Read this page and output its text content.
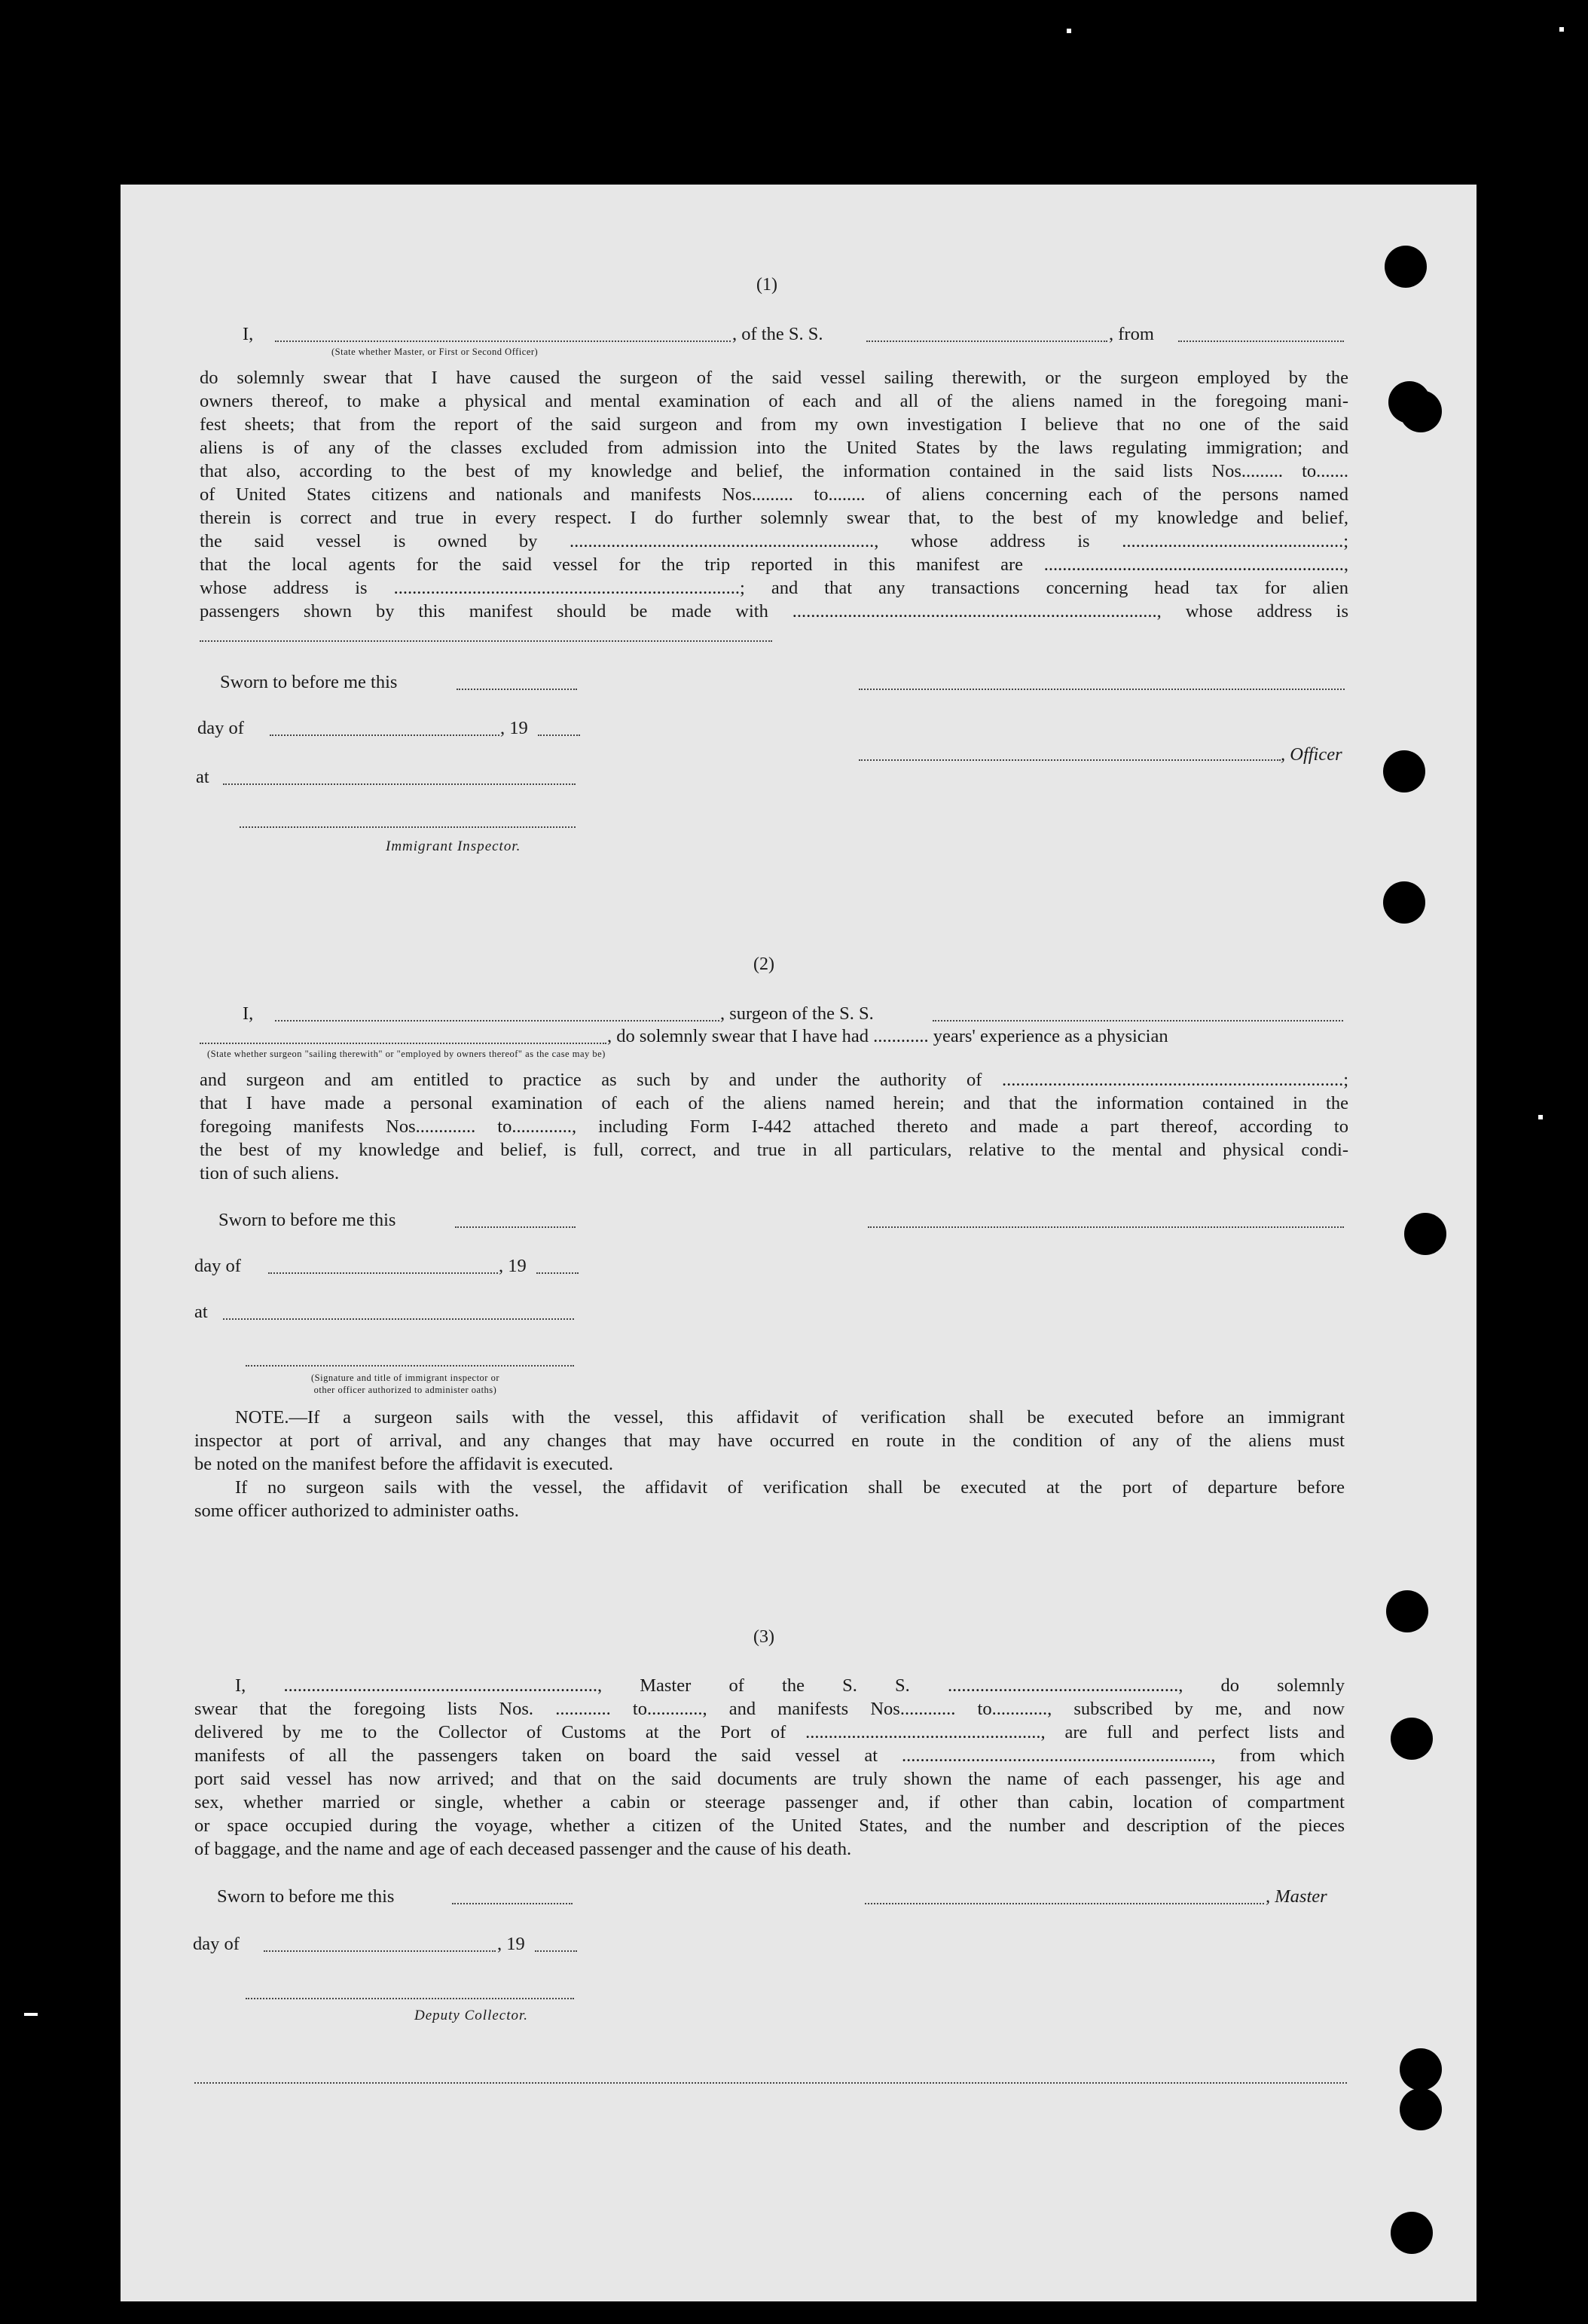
(1)
I,	, of the S. S.	, from
(State whether Master, or First or Second Officer)
do solemnly swear that I have caused the surgeon of the said vessel sailing therewith, or the surgeon employed by the
owners thereof, to make a physical and mental examination of each and all of the aliens named in the foregoing mani-
fest sheets; that from the report of the said surgeon and from my own investigation I believe that no one of the said
aliens is of any of the classes excluded from admission into the United States by the laws regulating immigration; and
that also, according to the best of my knowledge and belief, the information contained in the said lists Nos......... to.......
of United States citizens and nationals and manifests Nos......... to........ of aliens concerning each of the persons named
therein is correct and true in every respect. I do further solemnly swear that, to the best of my knowledge and belief,
the said vessel is owned by .................................................................., whose address is ................................................;
that the local agents for the said vessel for the trip reported in this manifest are .................................................................,
whose address is ...........................................................................; and that any transactions concerning head tax for alien
passengers shown by this manifest should be made with ..............................................................................., whose address is
Sworn to before me this
day of	, 19
, Officer
at
Immigrant Inspector.
(2)
I,	, surgeon of the S. S.
, do solemnly swear that I have had ............ years' experience as a physician
(State whether surgeon "sailing therewith" or "employed by owners thereof" as the case may be)
and surgeon and am entitled to practice as such by and under the authority of ..........................................................................;
that I have made a personal examination of each of the aliens named herein; and that the information contained in the
foregoing manifests Nos............. to............., including Form I-442 attached thereto and made a part thereof, according to
the best of my knowledge and belief, is full, correct, and true in all particulars, relative to the mental and physical condi-
tion of such aliens.
Sworn to before me this
day of	, 19
at
(Signature and title of immigrant inspector or
other officer authorized to administer oaths)
NOTE.—If a surgeon sails with the vessel, this affidavit of verification shall be executed before an immigrant
inspector at port of arrival, and any changes that may have occurred en route in the condition of any of the aliens must
be noted on the manifest before the affidavit is executed.
If no surgeon sails with the vessel, the affidavit of verification shall be executed at the port of departure before
some officer authorized to administer oaths.
(3)
I, ...................................................................., Master of the S. S. .................................................., do solemnly
swear that the foregoing lists Nos. ............ to............, and manifests Nos............ to............, subscribed by me, and now
delivered by me to the Collector of Customs at the Port of ..................................................., are full and perfect lists and
manifests of all the passengers taken on board the said vessel at ..................................................................., from which
port said vessel has now arrived; and that on the said documents are truly shown the name of each passenger, his age and
sex, whether married or single, whether a cabin or steerage passenger and, if other than cabin, location of compartment
or space occupied during the voyage, whether a citizen of the United States, and the number and description of the pieces
of baggage, and the name and age of each deceased passenger and the cause of his death.
Sworn to before me this	, Master
day of	, 19
Deputy Collector.
